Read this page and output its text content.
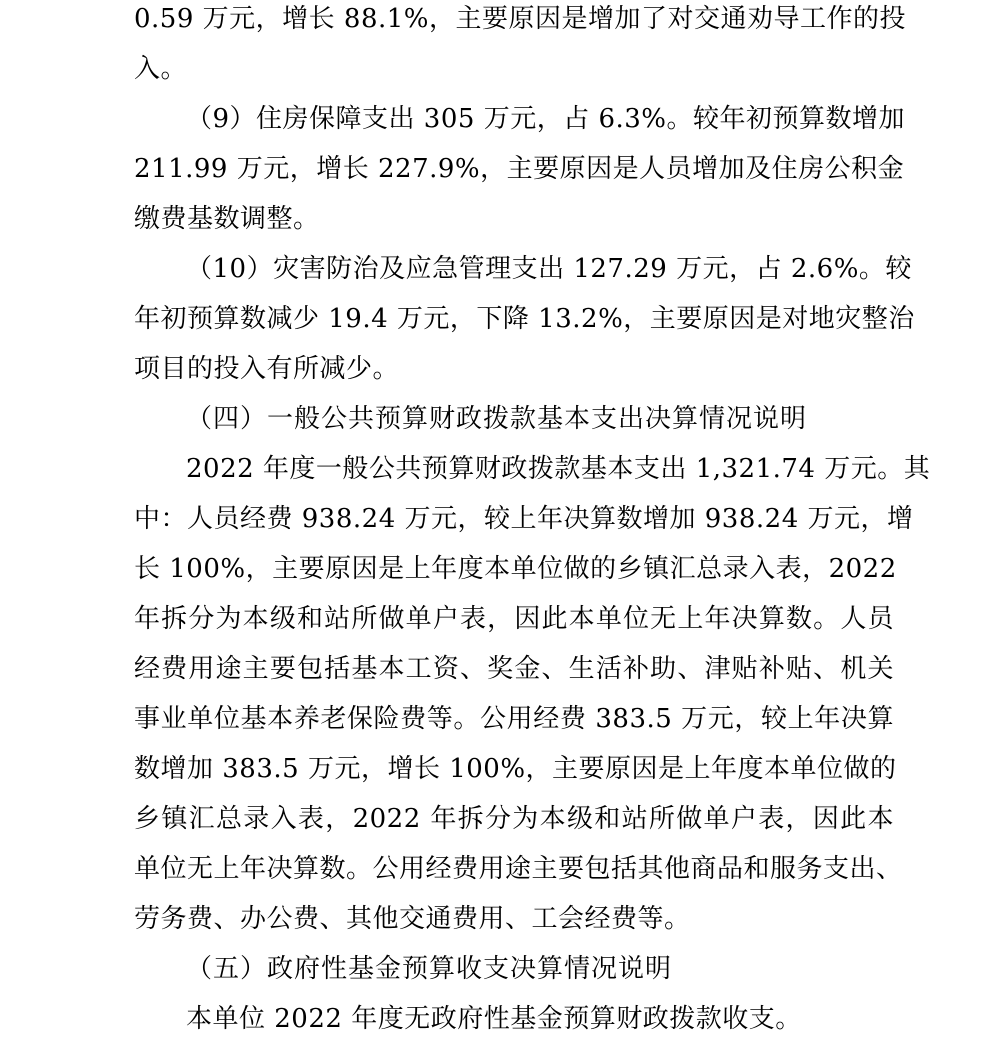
0.59 万元，增长 88.1%，主要原因是增加了对交通劝导工作的投
入。
（9）住房保障支出 305 万元，占 6.3%。较年初预算数增加
211.99 万元，增长 227.9%，主要原因是人员增加及住房公积金
缴费基数调整。
（10）灾害防治及应急管理支出 127.29 万元，占 2.6%。较
年初预算数减少 19.4 万元，下降 13.2%，主要原因是对地灾整治
项目的投入有所减少。
（四）一般公共预算财政拨款基本支出决算情况说明
2022 年度一般公共预算财政拨款基本支出 1,321.74 万元。其
中：人员经费 938.24 万元，较上年决算数增加 938.24 万元，增
长 100%，主要原因是上年度本单位做的乡镇汇总录入表，2022
年拆分为本级和站所做单户表，因此本单位无上年决算数。人员
经费用途主要包括基本工资、奖金、生活补助、津贴补贴、机关
事业单位基本养老保险费等。公用经费 383.5 万元，较上年决算
数增加 383.5 万元，增长 100%，主要原因是上年度本单位做的
乡镇汇总录入表，2022 年拆分为本级和站所做单户表，因此本
单位无上年决算数。公用经费用途主要包括其他商品和服务支出、
劳务费、办公费、其他交通费用、工会经费等。
（五）政府性基金预算收支决算情况说明
本单位 2022 年度无政府性基金预算财政拨款收支。
